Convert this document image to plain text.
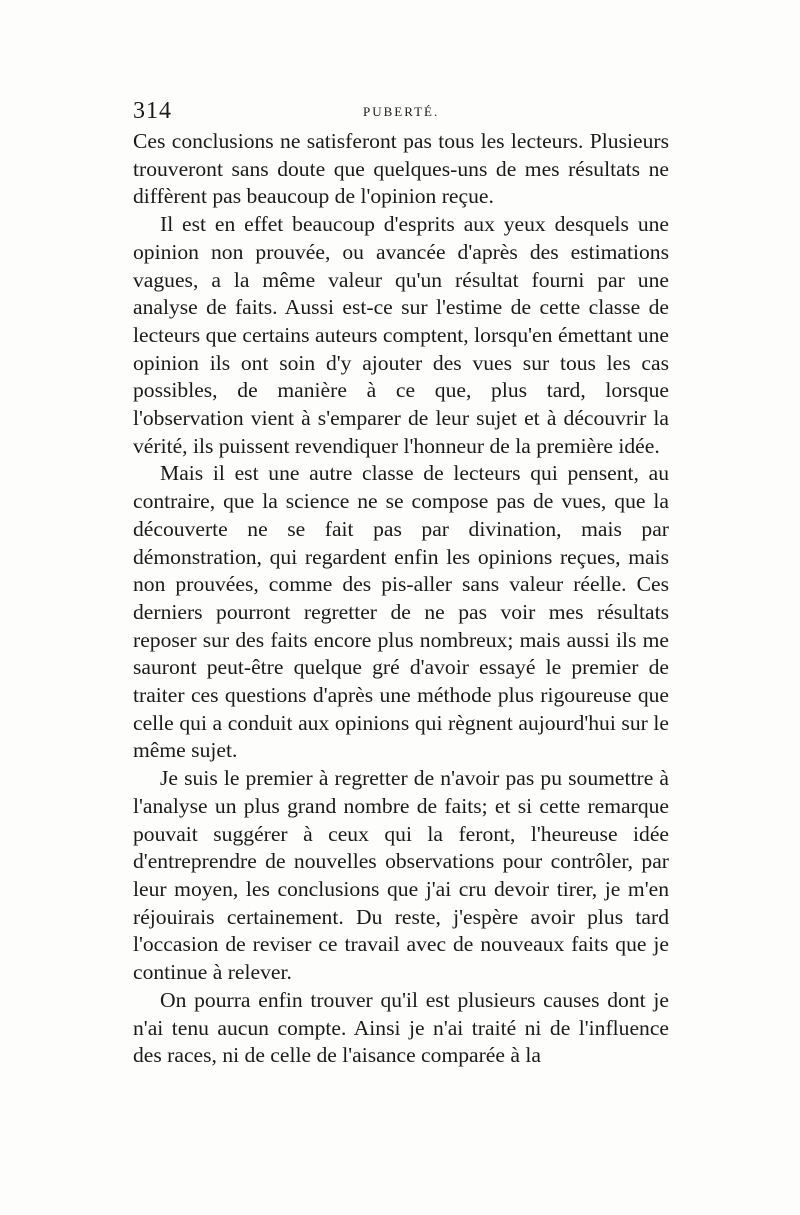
314	PUBERTÉ.

Ces conclusions ne satisferont pas tous les lecteurs. Plusieurs trouveront sans doute que quelques-uns de mes résultats ne diffèrent pas beaucoup de l'opinion reçue.

Il est en effet beaucoup d'esprits aux yeux desquels une opinion non prouvée, ou avancée d'après des estimations vagues, a la même valeur qu'un résultat fourni par une analyse de faits. Aussi est-ce sur l'estime de cette classe de lecteurs que certains auteurs comptent, lorsqu'en émettant une opinion ils ont soin d'y ajouter des vues sur tous les cas possibles, de manière à ce que, plus tard, lorsque l'observation vient à s'emparer de leur sujet et à découvrir la vérité, ils puissent revendiquer l'honneur de la première idée.

Mais il est une autre classe de lecteurs qui pensent, au contraire, que la science ne se compose pas de vues, que la découverte ne se fait pas par divination, mais par démonstration, qui regardent enfin les opinions reçues, mais non prouvées, comme des pis-aller sans valeur réelle. Ces derniers pourront regretter de ne pas voir mes résultats reposer sur des faits encore plus nombreux; mais aussi ils me sauront peut-être quelque gré d'avoir essayé le premier de traiter ces questions d'après une méthode plus rigoureuse que celle qui a conduit aux opinions qui règnent aujourd'hui sur le même sujet.

Je suis le premier à regretter de n'avoir pas pu soumettre à l'analyse un plus grand nombre de faits; et si cette remarque pouvait suggérer à ceux qui la feront, l'heureuse idée d'entreprendre de nouvelles observations pour contrôler, par leur moyen, les conclusions que j'ai cru devoir tirer, je m'en réjouirais certainement. Du reste, j'espère avoir plus tard l'occasion de reviser ce travail avec de nouveaux faits que je continue à relever.

On pourra enfin trouver qu'il est plusieurs causes dont je n'ai tenu aucun compte. Ainsi je n'ai traité ni de l'influence des races, ni de celle de l'aisance comparée à la
